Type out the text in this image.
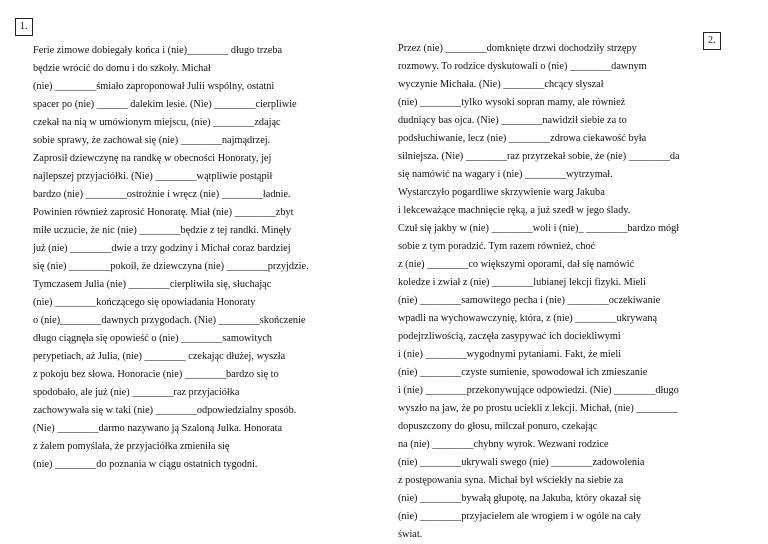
1.
2.
Ferie zimowe dobiegały końca i (nie)________ długo trzeba
będzie wrócić do domu i do szkoły. Michał
(nie) ________śmiało zaproponował Julii wspólny, ostatni
spacer po (nie) ______ dalekim lesie. (Nie) ________cierpliwie
czekał na nią w umówionym miejscu, (nie) ________zdając
sobie sprawy, że zachował się (nie) ________najmądrzej.
Zaprosił dziewczynę na randkę w obecności Honoraty, jej
najlepszej przyjaciółki. (Nie) ________wątpliwie postąpił
bardzo (nie) ________ostrożnie i wręcz (nie) ________ładnie.
Powinien również zaprosić Honoratę. Miał (nie) ________zbyt
miłe uczucie, że nic (nie) ________będzie z tej randki. Minęły
już (nie) ________dwie a trzy godziny i Michał coraz bardziej
się (nie) ________pokoił, że dziewczyna (nie) ________przyjdzie.
Tymczasem Julia (nie) ________cierpliwiła się, słuchając
(nie) ________kończącego się opowiadania Honoraty
o (nie)________dawnych przygodach. (Nie) ________skończenie
długo ciągnęła się opowieść o (nie) ________samowitych
perypetiach, aż Julia, (nie) ________ czekając dłużej, wyszła
z pokoju bez słowa. Honoracie (nie) ________bardzo się to
spodobało, ale już (nie) ________raz przyjaciółka
zachowywała się w taki (nie) ________odpowiedzialny sposób.
(Nie) ________darmo nazywano ją Szaloną Julka. Honorata
z żalem pomyślała, że przyjaciółka zmieniła się
(nie) ________do poznania w ciągu ostatnich tygodni.
Przez (nie) ________domknięte drzwi dochodziły strzępy
rozmowy. To rodzice dyskutowali o (nie) ________dawnym
wyczynie Michała. (Nie) ________chcący słyszał
(nie) ________tylko wysoki sopran mamy, ale również
dudniący bas ojca. (Nie) ________nawidził siebie za to
podsłuchiwanie, lecz (nie) ________zdrowa ciekawość była
silniejsza. (Nie) ________raz przyrzekał sobie, że (nie) ________da
się namówić na wagary i (nie) ________wytrzymał.
Wystarczyło pogardliwe skrzywienie warg Jakuba
i lekceważące machnięcie ręką, a już szedł w jego ślady.
Czuł się jakby w (nie) ________woli i (nie)_ ________bardzo mógł
sobie z tym poradzić. Tym razem również, choć
z (nie) ________co większymi oporami, dał się namówić
koledze i zwiał z (nie) ________lubianej lekcji fizyki. Mieli
(nie) ________samowitego pecha i (nie) ________oczekiwanie
wpadli na wychowawczynię, która, z (nie) ________ukrywaną
podejrzliwością, zaczęła zasypywać ich dociekliwymi
i (nie) ________wygodnymi pytaniami. Fakt, że mieli
(nie) ________czyste sumienie, spowodował ich zmieszanie
i (nie) ________przekonywujące odpowiedzi. (Nie) ________długo
wyszło na jaw, że po prostu uciekli z lekcji. Michał, (nie) ________
dopuszczony do głosu, milczał ponuro, czekając
na (nie) ________chybny wyrok. Wezwani rodzice
(nie) ________ukrywali swego (nie) ________zadowolenia
z postępowania syna. Michał był wściekły na siebie za
(nie) ________bywałą głupotę, na Jakuba, który okazał się
(nie) ________przyjacielem ale wrogiem i w ogóle na cały
świat.
